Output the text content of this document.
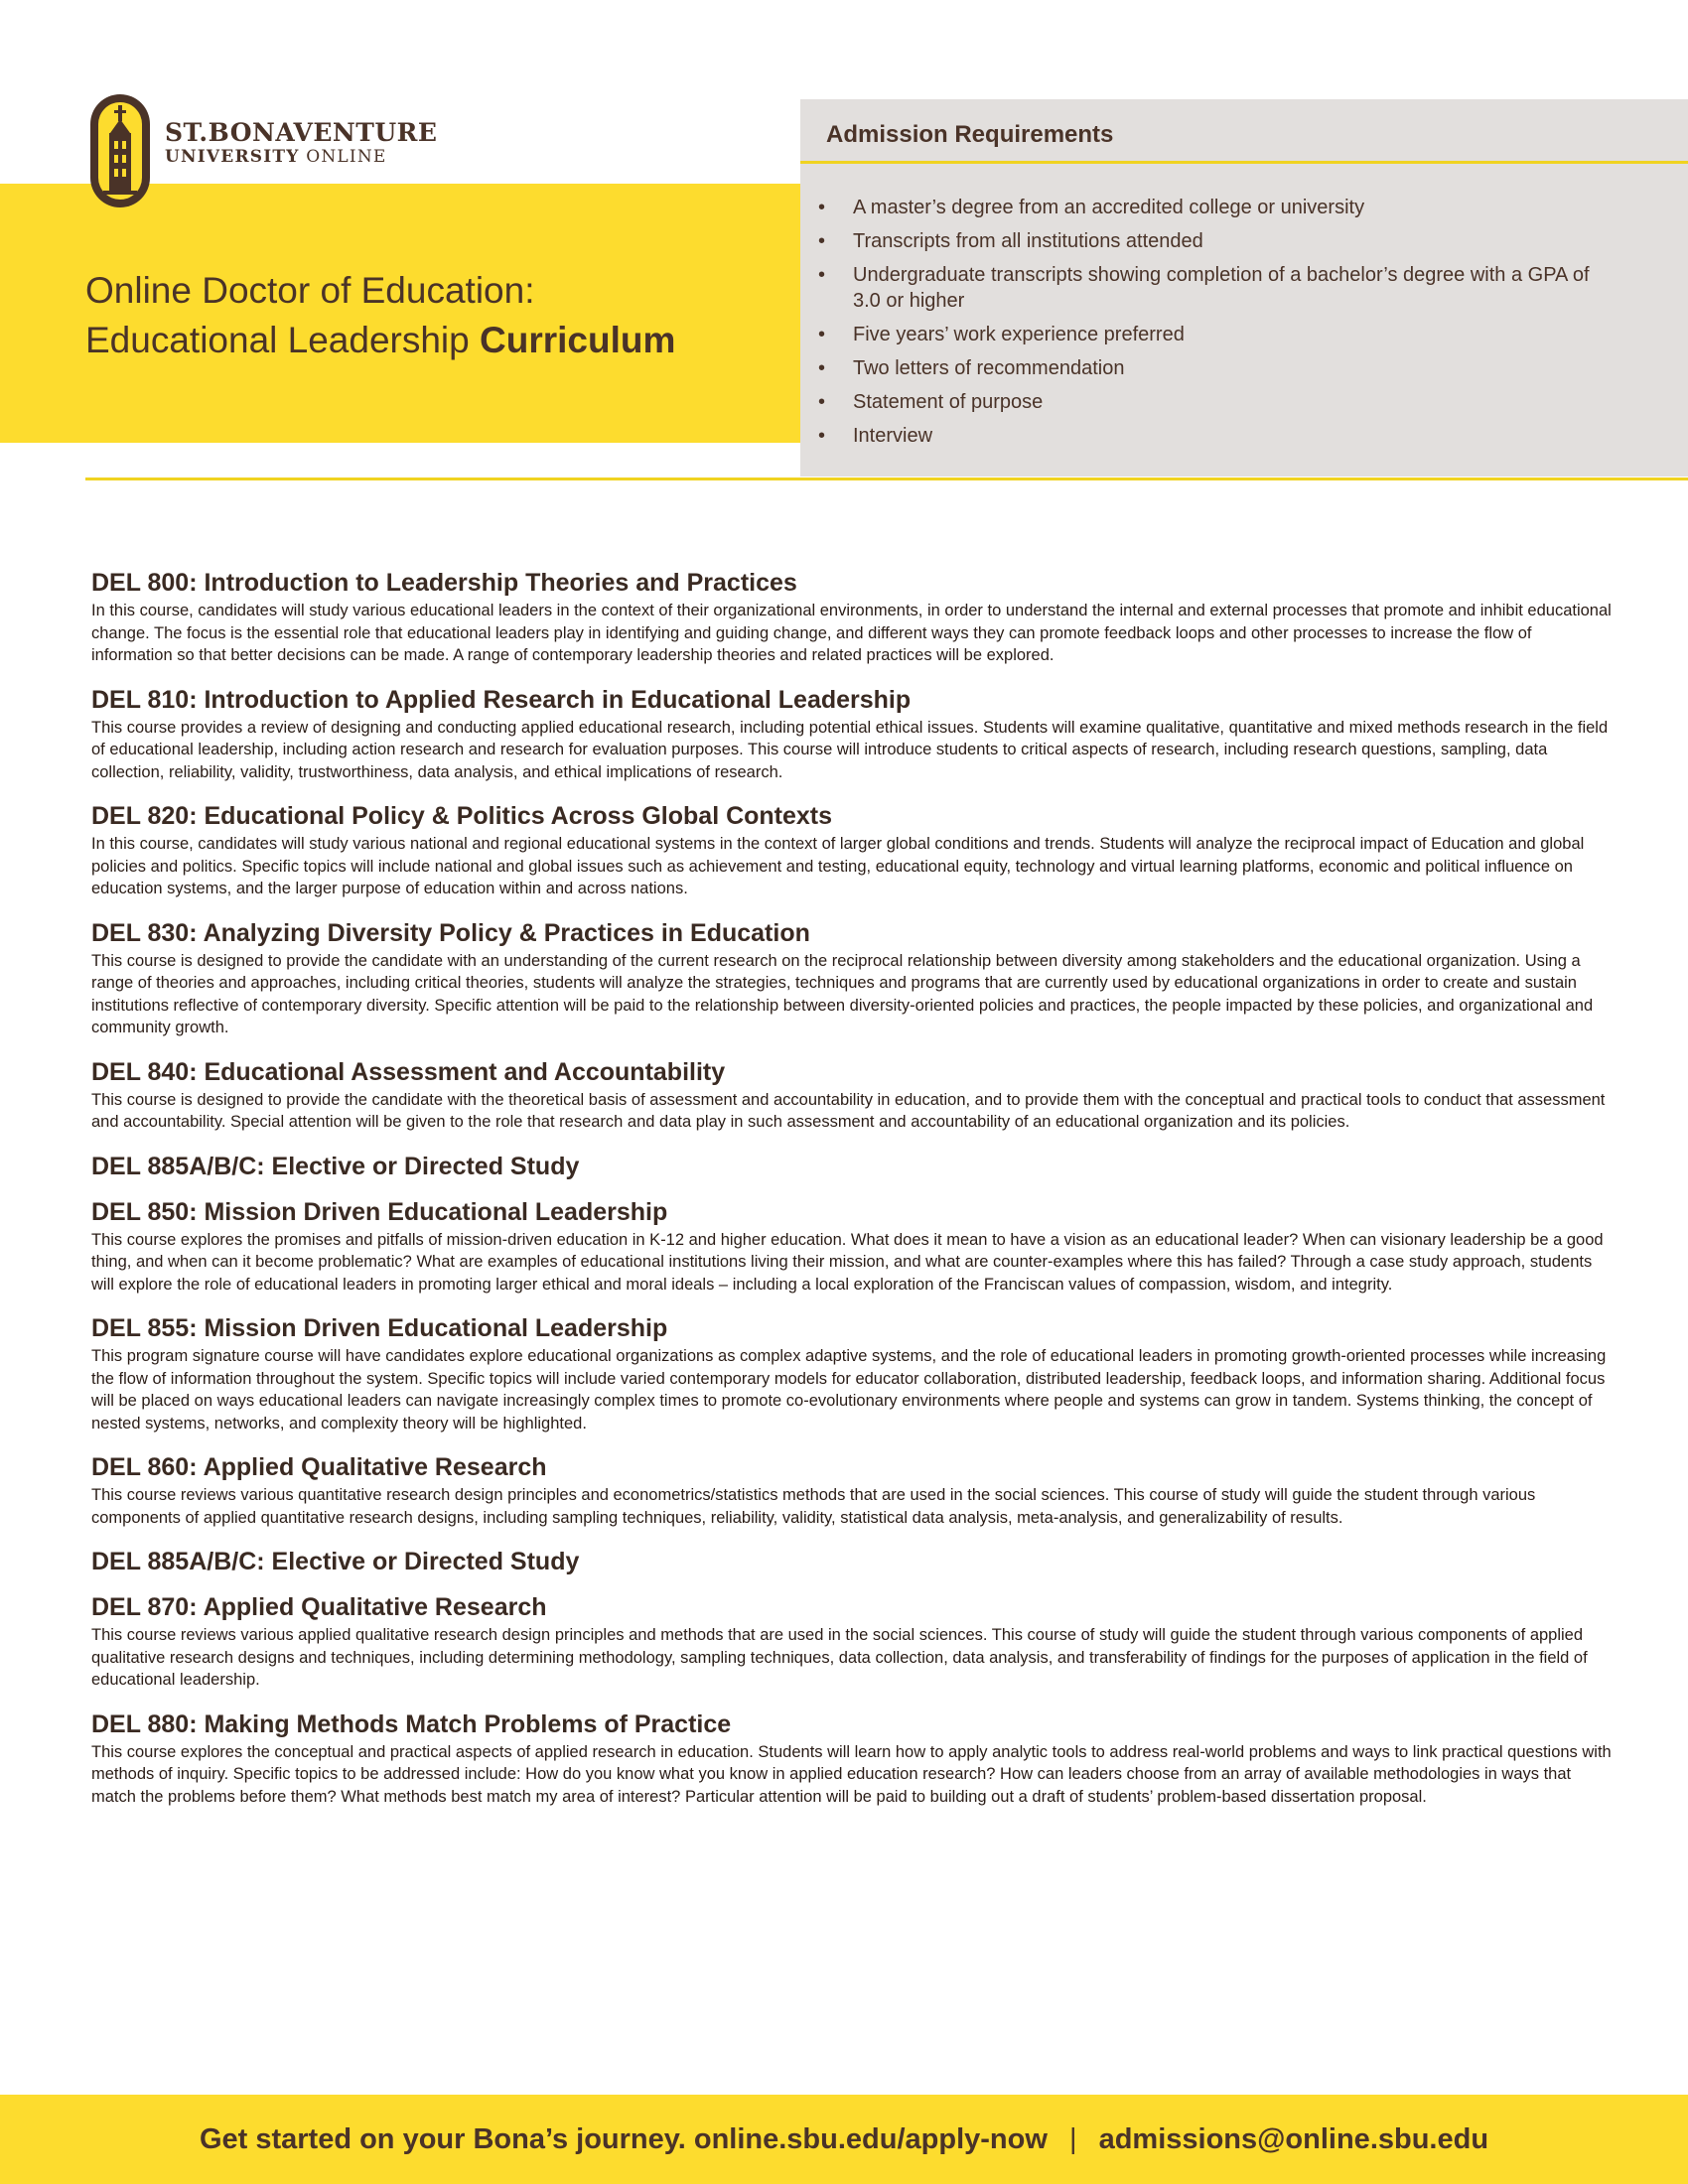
ST.BONAVENTURE
UNIVERSITY ONLINE
Online Doctor of Education:
Educational Leadership Curriculum
Admission Requirements
• A master’s degree from an accredited college or university
• Transcripts from all institutions attended
• Undergraduate transcripts showing completion of a bachelor’s degree with a GPA of 3.0 or higher
• Five years’ work experience preferred
• Two letters of recommendation
• Statement of purpose
• Interview
DEL 800: Introduction to Leadership Theories and Practices

In this course, candidates will study various educational leaders in the context of their organizational environments, in order to understand the internal and external processes that promote and inhibit educational change. The focus is the essential role that educational leaders play in identifying and guiding change, and different ways they can promote feedback loops and other processes to increase the flow of information so that better decisions can be made. A range of contemporary leadership theories and related practices will be explored.

DEL 810: Introduction to Applied Research in Educational Leadership

This course provides a review of designing and conducting applied educational research, including potential ethical issues. Students will examine qualitative, quantitative and mixed methods research in the field of educational leadership, including action research and research for evaluation purposes. This course will introduce students to critical aspects of research, including research questions, sampling, data collection, reliability, validity, trustworthiness, data analysis, and ethical implications of research.

DEL 820: Educational Policy & Politics Across Global Contexts

In this course, candidates will study various national and regional educational systems in the context of larger global conditions and trends. Students will analyze the reciprocal impact of Education and global policies and politics. Specific topics will include national and global issues such as achievement and testing, educational equity, technology and virtual learning platforms, economic and political influence on education systems, and the larger purpose of education within and across nations.

DEL 830: Analyzing Diversity Policy & Practices in Education

This course is designed to provide the candidate with an understanding of the current research on the reciprocal relationship between diversity among stakeholders and the educational organization. Using a range of theories and approaches, including critical theories, students will analyze the strategies, techniques and programs that are currently used by educational organizations in order to create and sustain institutions reflective of contemporary diversity. Specific attention will be paid to the relationship between diversity-oriented policies and practices, the people impacted by these policies, and organizational and community growth.

DEL 840: Educational Assessment and Accountability

This course is designed to provide the candidate with the theoretical basis of assessment and accountability in education, and to provide them with the conceptual and practical tools to conduct that assessment and accountability. Special attention will be given to the role that research and data play in such assessment and accountability of an educational organization and its policies.

DEL 885A/B/C: Elective or Directed Study
DEL 850: Mission Driven Educational Leadership

This course explores the promises and pitfalls of mission-driven education in K-12 and higher education. What does it mean to have a vision as an educational leader? When can visionary leadership be a good thing, and when can it become problematic? What are examples of educational institutions living their mission, and what are counter-examples where this has failed? Through a case study approach, students will explore the role of educational leaders in promoting larger ethical and moral ideals – including a local exploration of the Franciscan values of compassion, wisdom, and integrity.

DEL 855: Mission Driven Educational Leadership

This program signature course will have candidates explore educational organizations as complex adaptive systems, and the role of educational leaders in promoting growth-oriented processes while increasing the flow of information throughout the system. Specific topics will include varied contemporary models for educator collaboration, distributed leadership, feedback loops, and information sharing. Additional focus will be placed on ways educational leaders can navigate increasingly complex times to promote co-evolutionary environments where people and systems can grow in tandem. Systems thinking, the concept of nested systems, networks, and complexity theory will be highlighted.

DEL 860: Applied Qualitative Research

This course reviews various quantitative research design principles and econometrics/statistics methods that are used in the social sciences. This course of study will guide the student through various components of applied quantitative research designs, including sampling techniques, reliability, validity, statistical data analysis, meta-analysis, and generalizability of results.

DEL 885A/B/C: Elective or Directed Study
DEL 870: Applied Qualitative Research

This course reviews various applied qualitative research design principles and methods that are used in the social sciences. This course of study will guide the student through various components of applied qualitative research designs and techniques, including determining methodology, sampling techniques, data collection, data analysis, and transferability of findings for the purposes of application in the field of educational leadership.

DEL 880: Making Methods Match Problems of Practice

This course explores the conceptual and practical aspects of applied research in education. Students will learn how to apply analytic tools to address real-world problems and ways to link practical questions with methods of inquiry. Specific topics to be addressed include: How do you know what you know in applied education research? How can leaders choose from an array of available methodologies in ways that match the problems before them? What methods best match my area of interest? Particular attention will be paid to building out a draft of students’ problem-based dissertation proposal.

Get started on your Bona’s journey. online.sbu.edu/apply-now | admissions@online.sbu.edu
